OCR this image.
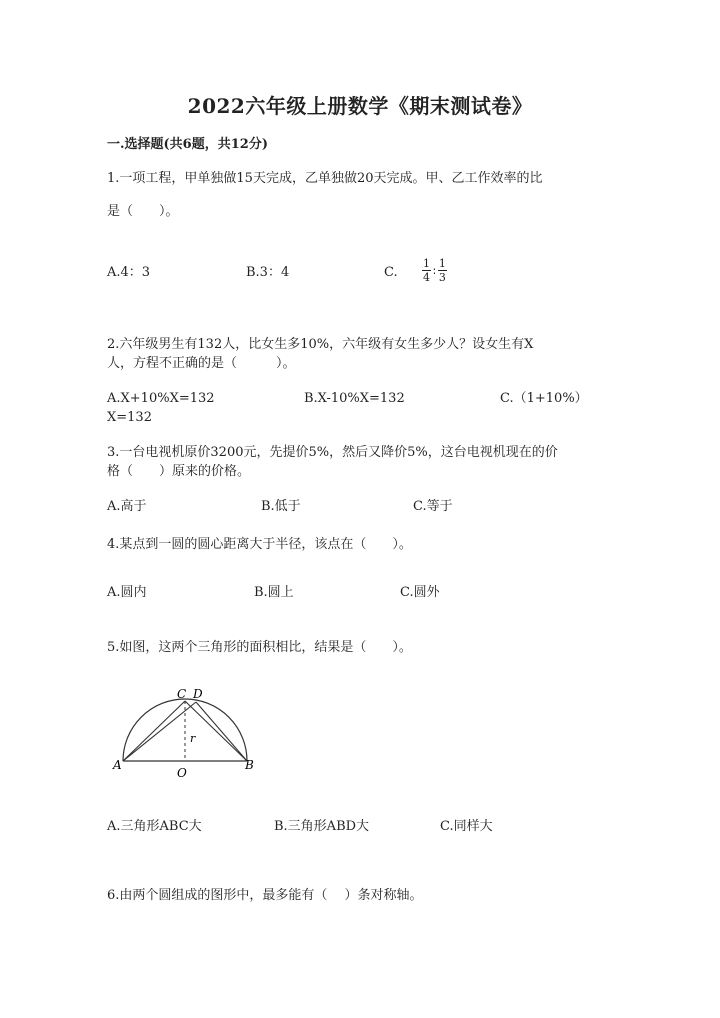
2022六年级上册数学《期末测试卷》
一.选择题(共6题，共12分)
1.一项工程，甲单独做15天完成，乙单独做20天完成。甲、乙工作效率的比
是（　　）。
A.4：3	B.3：4	C.
1
4 ∶
1
3
2.六年级男生有132人，比女生多10%，六年级有女生多少人？设女生有X
人，方程不正确的是（　　　）。
A.X+10%X=132	B.X-10%X=132	C.（1+10%）
X=132
3.一台电视机原价3200元，先提价5%，然后又降价5%，这台电视机现在的价
格（　　）原来的价格。
A.高于	B.低于	C.等于
4.某点到一圆的圆心距离大于半径，该点在（　　）。
A.圆内	B.圆上	C.圆外
5.如图，这两个三角形的面积相比，结果是（　　）。
A	B
C D
O
r
A.三角形ABC大	B.三角形ABD大	C.同样大
6.由两个圆组成的图形中，最多能有（　 ）条对称轴。
